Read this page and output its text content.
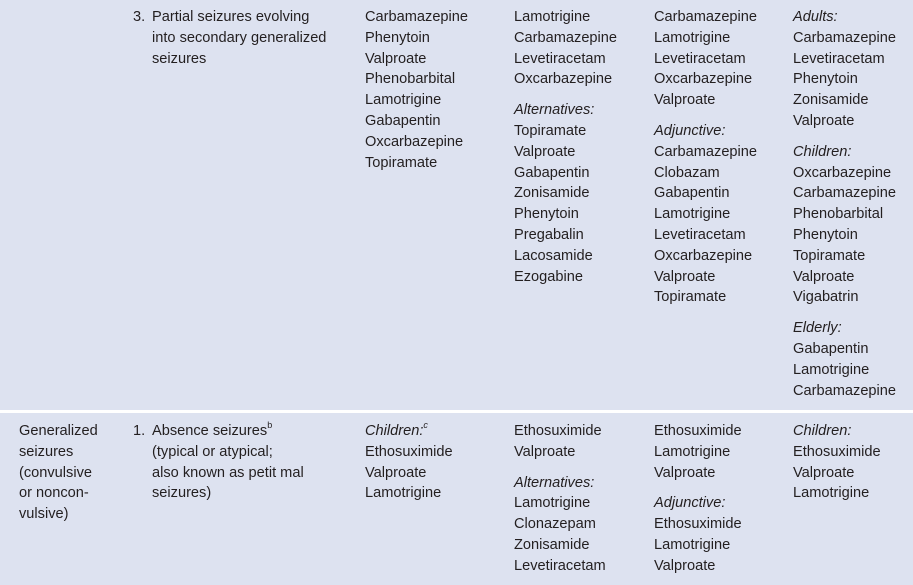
3. Partial seizures evolving
into secondary generalized
seizures
Carbamazepine
Phenytoin
Valproate
Phenobarbital
Lamotrigine
Gabapentin
Oxcarbazepine
Topiramate
Lamotrigine
Carbamazepine
Levetiracetam
Oxcarbazepine
Alternatives:
Topiramate
Valproate
Gabapentin
Zonisamide
Phenytoin
Pregabalin
Lacosamide
Ezogabine
Carbamazepine
Lamotrigine
Levetiracetam
Oxcarbazepine
Valproate
Adjunctive:
Carbamazepine
Clobazam
Gabapentin
Lamotrigine
Levetiracetam
Oxcarbazepine
Valproate
Topiramate
Adults:
Carbamazepine
Levetiracetam
Phenytoin
Zonisamide
Valproate
Children:
Oxcarbazepine
Carbamazepine
Phenobarbital
Phenytoin
Topiramate
Valproate
Vigabatrin
Elderly:
Gabapentin
Lamotrigine
Carbamazepine
Generalized
seizures
(convulsive
or noncon-
vulsive)
1. Absence seizures$^b$
(typical or atypical;
also known as petit mal
seizures)
Children:$^c$
Ethosuximide
Valproate
Lamotrigine
Ethosuximide
Valproate
Alternatives:
Lamotrigine
Clonazepam
Zonisamide
Levetiracetam
Ethosuximide
Lamotrigine
Valproate
Adjunctive:
Ethosuximide
Lamotrigine
Valproate
Children:
Ethosuximide
Valproate
Lamotrigine
